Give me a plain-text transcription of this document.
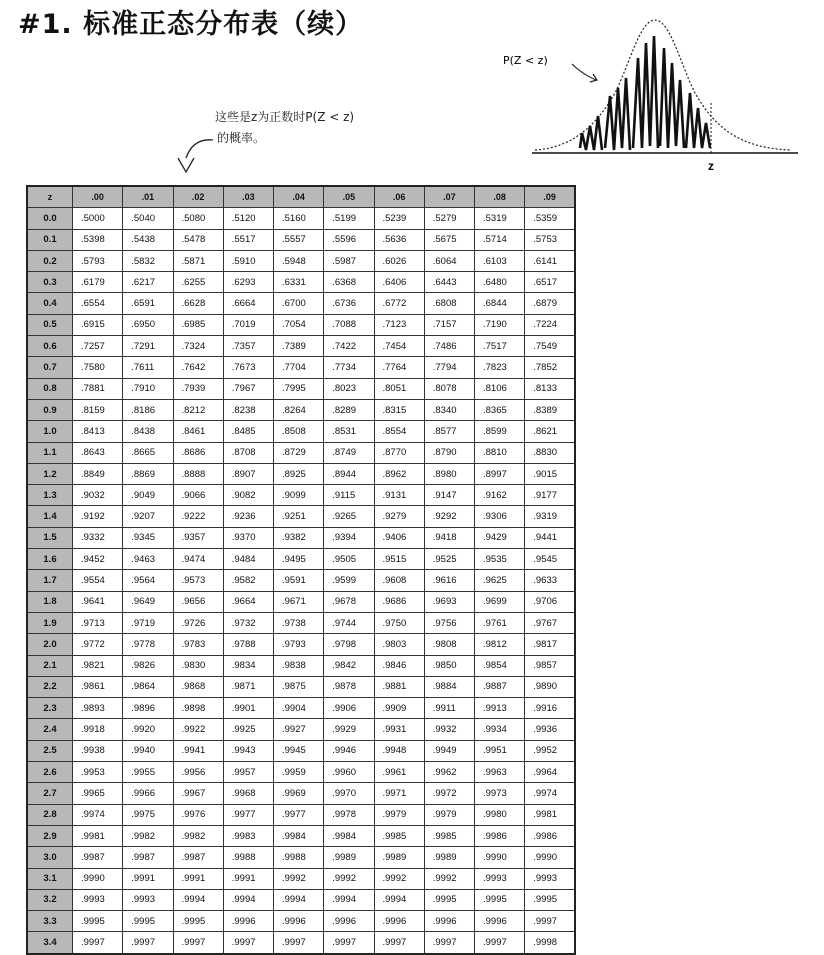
#1. 标准正态分布表（续）
这些是z为正数时P(Z < z)
的概率。
z
P(Z < z)
z	.00	.01	.02	.03	.04	.05	.06	.07	.08	.09
0.0	.5000	.5040	.5080	.5120	.5160	.5199	.5239	.5279	.5319	.5359
0.1	.5398	.5438	.5478	.5517	.5557	.5596	.5636	.5675	.5714	.5753
0.2	.5793	.5832	.5871	.5910	.5948	.5987	.6026	.6064	.6103	.6141
0.3	.6179	.6217	.6255	.6293	.6331	.6368	.6406	.6443	.6480	.6517
0.4	.6554	.6591	.6628	.6664	.6700	.6736	.6772	.6808	.6844	.6879
0.5	.6915	.6950	.6985	.7019	.7054	.7088	.7123	.7157	.7190	.7224
0.6	.7257	.7291	.7324	.7357	.7389	.7422	.7454	.7486	.7517	.7549
0.7	.7580	.7611	.7642	.7673	.7704	.7734	.7764	.7794	.7823	.7852
0.8	.7881	.7910	.7939	.7967	.7995	.8023	.8051	.8078	.8106	.8133
0.9	.8159	.8186	.8212	.8238	.8264	.8289	.8315	.8340	.8365	.8389
1.0	.8413	.8438	.8461	.8485	.8508	.8531	.8554	.8577	.8599	.8621
1.1	.8643	.8665	.8686	.8708	.8729	.8749	.8770	.8790	.8810	.8830
1.2	.8849	.8869	.8888	.8907	.8925	.8944	.8962	.8980	.8997	.9015
1.3	.9032	.9049	.9066	.9082	.9099	.9115	.9131	.9147	.9162	.9177
1.4	.9192	.9207	.9222	.9236	.9251	.9265	.9279	.9292	.9306	.9319
1.5	.9332	.9345	.9357	.9370	.9382	.9394	.9406	.9418	.9429	.9441
1.6	.9452	.9463	.9474	.9484	.9495	.9505	.9515	.9525	.9535	.9545
1.7	.9554	.9564	.9573	.9582	.9591	.9599	.9608	.9616	.9625	.9633
1.8	.9641	.9649	.9656	.9664	.9671	.9678	.9686	.9693	.9699	.9706
1.9	.9713	.9719	.9726	.9732	.9738	.9744	.9750	.9756	.9761	.9767
2.0	.9772	.9778	.9783	.9788	.9793	.9798	.9803	.9808	.9812	.9817
2.1	.9821	.9826	.9830	.9834	.9838	.9842	.9846	.9850	.9854	.9857
2.2	.9861	.9864	.9868	.9871	.9875	.9878	.9881	.9884	.9887	.9890
2.3	.9893	.9896	.9898	.9901	.9904	.9906	.9909	.9911	.9913	.9916
2.4	.9918	.9920	.9922	.9925	.9927	.9929	.9931	.9932	.9934	.9936
2.5	.9938	.9940	.9941	.9943	.9945	.9946	.9948	.9949	.9951	.9952
2.6	.9953	.9955	.9956	.9957	.9959	.9960	.9961	.9962	.9963	.9964
2.7	.9965	.9966	.9967	.9968	.9969	.9970	.9971	.9972	.9973	.9974
2.8	.9974	.9975	.9976	.9977	.9977	.9978	.9979	.9979	.9980	.9981
2.9	.9981	.9982	.9982	.9983	.9984	.9984	.9985	.9985	.9986	.9986
3.0	.9987	.9987	.9987	.9988	.9988	.9989	.9989	.9989	.9990	.9990
3.1	.9990	.9991	.9991	.9991	.9992	.9992	.9992	.9992	.9993	.9993
3.2	.9993	.9993	.9994	.9994	.9994	.9994	.9994	.9995	.9995	.9995
3.3	.9995	.9995	.9995	.9996	.9996	.9996	.9996	.9996	.9996	.9997
3.4	.9997	.9997	.9997	.9997	.9997	.9997	.9997	.9997	.9997	.9998
